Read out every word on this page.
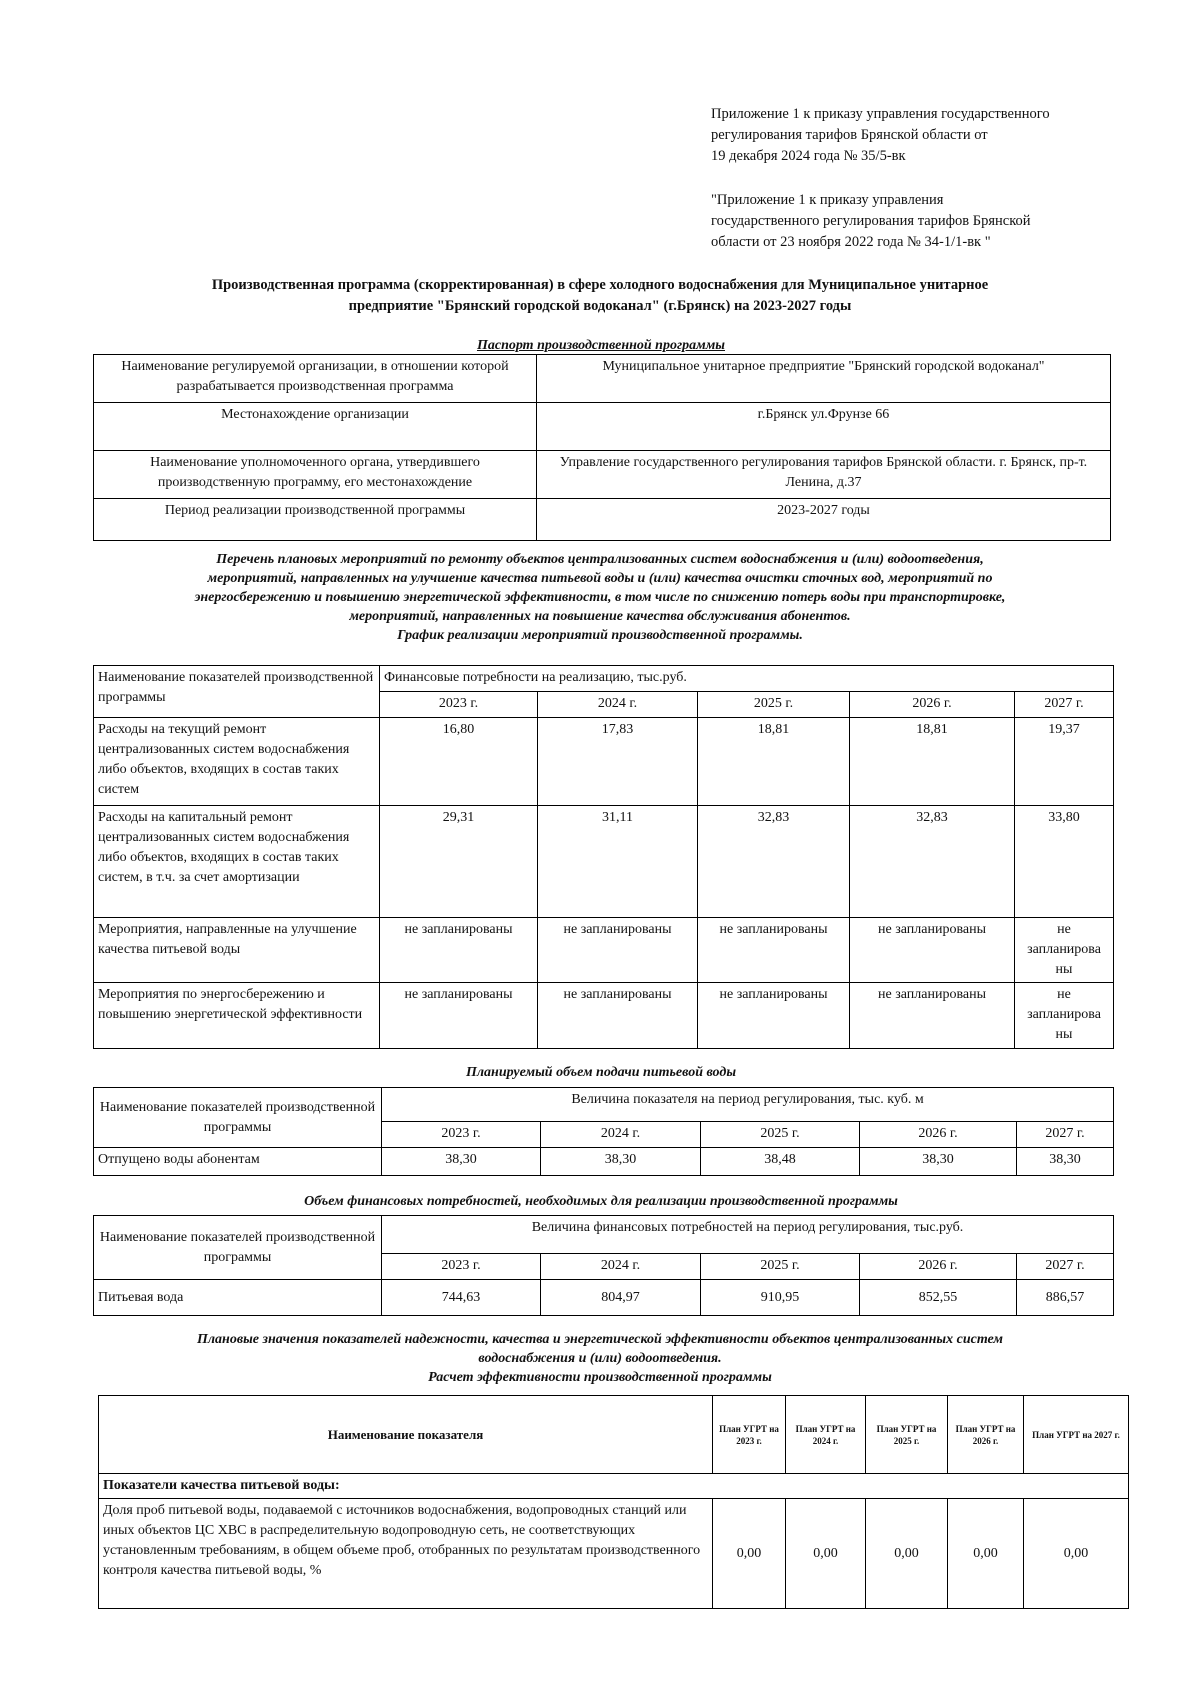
Приложение 1 к приказу управления государственного
регулирования тарифов Брянской области от
19 декабря 2024 года № 35/5-вк
"Приложение 1 к приказу управления
государственного регулирования тарифов Брянской
области от 23 ноября 2022 года № 34-1/1-вк "
Производственная программа (скорректированная) в сфере холодного водоснабжения для Муниципальное унитарное
предприятие "Брянский городской водоканал" (г.Брянск) на 2023-2027 годы
Паспорт производственной программы
Наименование регулируемой организации, в отношении которой разрабатывается производственная программа	Муниципальное унитарное предприятие "Брянский городской водоканал"
Местонахождение организации	г.Брянск ул.Фрунзе 66
Наименование уполномоченного органа, утвердившего производственную программу, его местонахождение	Управление государственного регулирования тарифов Брянской области. г. Брянск, пр-т. Ленина, д.37
Период реализации производственной программы	2023-2027 годы
Перечень плановых мероприятий по ремонту объектов централизованных систем водоснабжения и (или) водоотведения,
мероприятий, направленных на улучшение качества питьевой воды и (или) качества очистки сточных вод, мероприятий по
энергосбережению и повышению энергетической эффективности, в том числе по снижению потерь воды при транспортировке,
мероприятий, направленных на повышение качества обслуживания абонентов.
График реализации мероприятий производственной программы.
Наименование показателей производственной программы	Финансовые потребности на реализацию, тыс.руб.				
	2023 г.	2024 г.	2025 г.	2026 г.	2027 г.
Расходы на текущий ремонт централизованных систем водоснабжения либо объектов, входящих в состав таких систем	16,80	17,83	18,81	18,81	19,37
Расходы на капитальный ремонт централизованных систем водоснабжения либо объектов, входящих в состав таких систем, в т.ч. за счет амортизации	29,31	31,11	32,83	32,83	33,80
Мероприятия, направленные на улучшение качества питьевой воды	не запланированы	не запланированы	не запланированы	не запланированы	не запланирова ны
Мероприятия по энергосбережению и повышению энергетической эффективности	не запланированы	не запланированы	не запланированы	не запланированы	не запланирова ны
Планируемый объем подачи питьевой воды
Наименование показателей производственной программы	Величина показателя на период регулирования, тыс. куб. м				
	2023 г.	2024 г.	2025 г.	2026 г.	2027 г.
Отпущено воды абонентам	38,30	38,30	38,48	38,30	38,30
Объем финансовых потребностей, необходимых для реализации производственной программы
Наименование показателей производственной программы	Величина финансовых потребностей на период регулирования, тыс.руб.				
	2023 г.	2024 г.	2025 г.	2026 г.	2027 г.
Питьевая вода	744,63	804,97	910,95	852,55	886,57
Плановые значения показателей надежности, качества и энергетической эффективности объектов централизованных систем
водоснабжения и (или) водоотведения.
Расчет эффективности производственной программы
Наименование показателя	План УГРТ на 2023 г.	План УГРТ на 2024 г.	План УГРТ на 2025 г.	План УГРТ на 2026 г.	План УГРТ на 2027 г.
Показатели качества питьевой воды:					
Доля проб питьевой воды, подаваемой с источников водоснабжения, водопроводных станций или иных объектов ЦС ХВС в распределительную водопроводную сеть, не соответствующих установленным требованиям, в общем объеме проб, отобранных по результатам производственного контроля качества питьевой воды, %	0,00	0,00	0,00	0,00	0,00
